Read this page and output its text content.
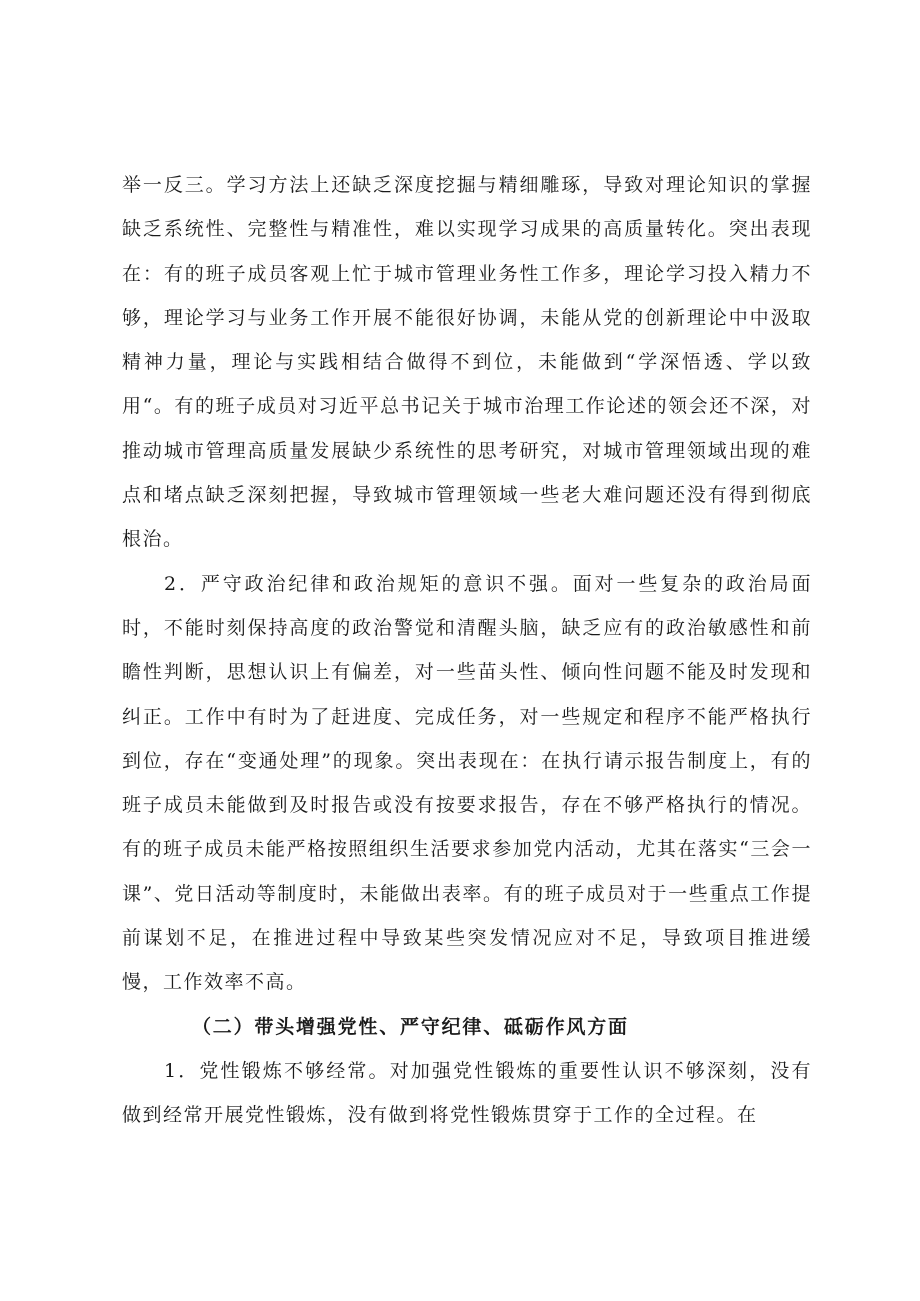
举一反三。学习方法上还缺乏深度挖掘与精细雕琢，导致对理论知识的掌握缺乏系统性、完整性与精准性，难以实现学习成果的高质量转化。突出表现在：有的班子成员客观上忙于城市管理业务性工作多，理论学习投入精力不够，理论学习与业务工作开展不能很好协调，未能从党的创新理论中中汲取精神力量，理论与实践相结合做得不到位，未能做到“学深悟透、学以致用“。有的班子成员对习近平总书记关于城市治理工作论述的领会还不深，对推动城市管理高质量发展缺少系统性的思考研究，对城市管理领域出现的难点和堵点缺乏深刻把握，导致城市管理领域一些老大难问题还没有得到彻底根治。

2．严守政治纪律和政治规矩的意识不强。面对一些复杂的政治局面时，不能时刻保持高度的政治警觉和清醒头脑，缺乏应有的政治敏感性和前瞻性判断，思想认识上有偏差，对一些苗头性、倾向性问题不能及时发现和纠正。工作中有时为了赶进度、完成任务，对一些规定和程序不能严格执行到位，存在“变通处理”的现象。突出表现在：在执行请示报告制度上，有的班子成员未能做到及时报告或没有按要求报告，存在不够严格执行的情况。有的班子成员未能严格按照组织生活要求参加党内活动，尤其在落实“三会一课”、党日活动等制度时，未能做出表率。有的班子成员对于一些重点工作提前谋划不足，在推进过程中导致某些突发情况应对不足，导致项目推进缓慢，工作效率不高。

（二）带头增强党性、严守纪律、砥砺作风方面

1．党性锻炼不够经常。对加强党性锻炼的重要性认识不够深刻，没有做到经常开展党性锻炼，没有做到将党性锻炼贯穿于工作的全过程。在
